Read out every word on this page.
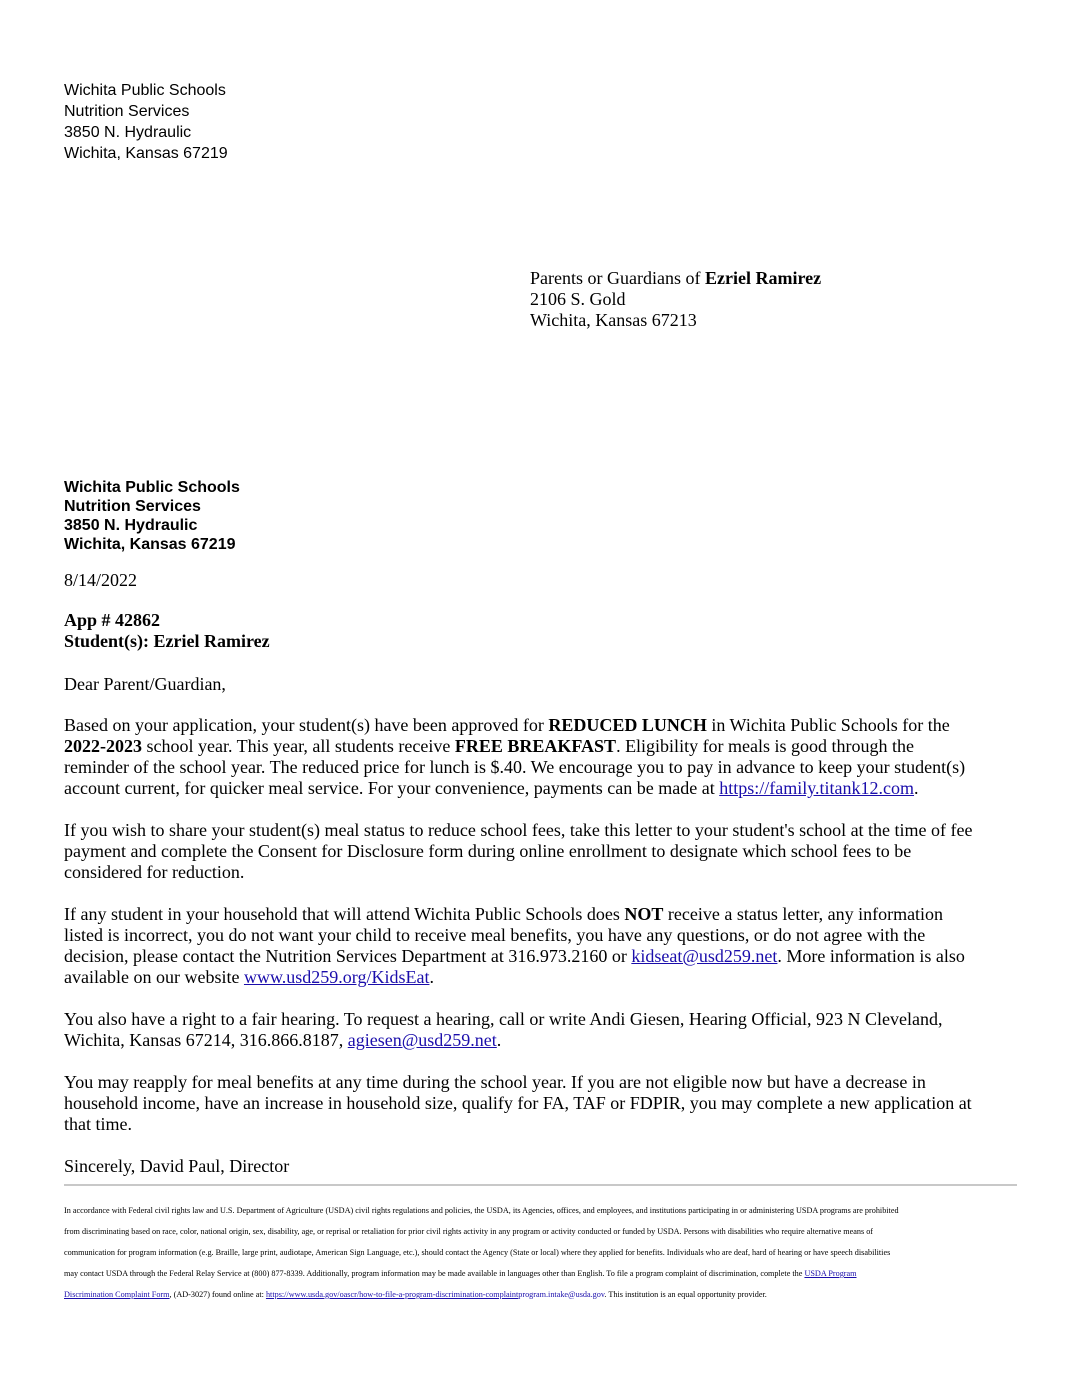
Wichita Public Schools
Nutrition Services
3850 N. Hydraulic
Wichita, Kansas 67219
Parents or Guardians of Ezriel Ramirez
2106 S. Gold
Wichita, Kansas 67213
Wichita Public Schools
Nutrition Services
3850 N. Hydraulic
Wichita, Kansas 67219
8/14/2022
App # 42862
Student(s): Ezriel Ramirez
Dear Parent/Guardian,
Based on your application, your student(s) have been approved for REDUCED LUNCH in Wichita Public Schools for the
2022-2023 school year. This year, all students receive FREE BREAKFAST. Eligibility for meals is good through the
reminder of the school year. The reduced price for lunch is $.40. We encourage you to pay in advance to keep your student(s)
account current, for quicker meal service. For your convenience, payments can be made at https://family.titank12.com.
If you wish to share your student(s) meal status to reduce school fees, take this letter to your student's school at the time of fee
payment and complete the Consent for Disclosure form during online enrollment to designate which school fees to be
considered for reduction.
If any student in your household that will attend Wichita Public Schools does NOT receive a status letter, any information
listed is incorrect, you do not want your child to receive meal benefits, you have any questions, or do not agree with the
decision, please contact the Nutrition Services Department at 316.973.2160 or kidseat@usd259.net. More information is also
available on our website www.usd259.org/KidsEat.
You also have a right to a fair hearing. To request a hearing, call or write Andi Giesen, Hearing Official, 923 N Cleveland,
Wichita, Kansas 67214, 316.866.8187, agiesen@usd259.net.
You may reapply for meal benefits at any time during the school year. If you are not eligible now but have a decrease in
household income, have an increase in household size, qualify for FA, TAF or FDPIR, you may complete a new application at
that time.
Sincerely, David Paul, Director
In accordance with Federal civil rights law and U.S. Department of Agriculture (USDA) civil rights regulations and policies, the USDA, its Agencies, offices, and employees, and institutions participating in or administering USDA programs are prohibited
from discriminating based on race, color, national origin, sex, disability, age, or reprisal or retaliation for prior civil rights activity in any program or activity conducted or funded by USDA. Persons with disabilities who require alternative means of
communication for program information (e.g. Braille, large print, audiotape, American Sign Language, etc.), should contact the Agency (State or local) where they applied for benefits. Individuals who are deaf, hard of hearing or have speech disabilities
may contact USDA through the Federal Relay Service at (800) 877-8339. Additionally, program information may be made available in languages other than English. To file a program complaint of discrimination, complete the USDA Program
Discrimination Complaint Form, (AD-3027) found online at: https://www.usda.gov/oascr/how-to-file-a-program-discrimination-complaintprogram.intake@usda.gov. This institution is an equal opportunity provider.
